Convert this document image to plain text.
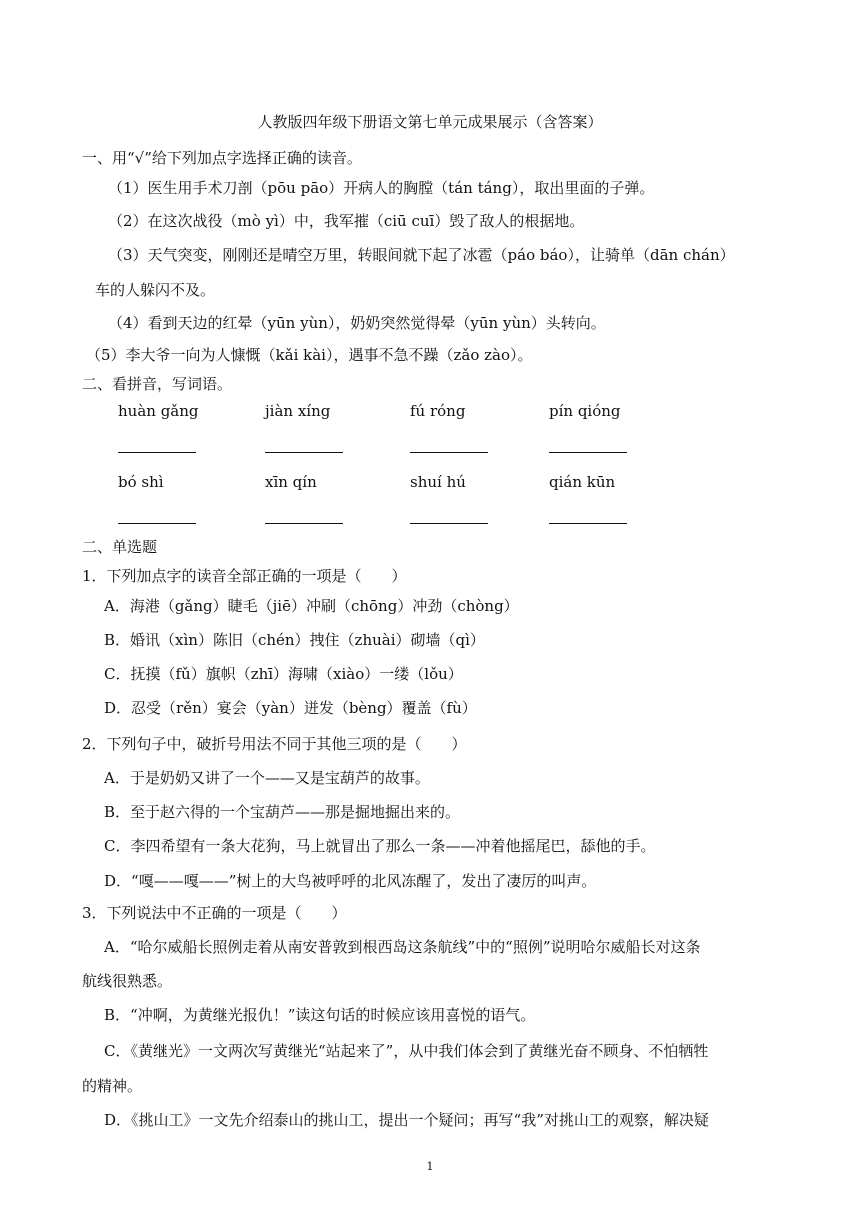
人教版四年级下册语文第七单元成果展示（含答案）
一、用“√”给下列加点字选择正确的读音。
（1）医生用手术刀剖（pōu pāo）开病人的胸膛（tán táng），取出里面的子弹。
（2）在这次战役（mò yì）中，我军摧（ciū cuī）毁了敌人的根据地。
（3）天气突变，刚刚还是晴空万里，转眼间就下起了冰雹（páo báo），让骑单（dān chán）
车的人躲闪不及。
（4）看到天边的红晕（yūn yùn），奶奶突然觉得晕（yūn yùn）头转向。
（5）李大爷一向为人慷慨（kǎi kài），遇事不急不躁（zǎo zào）。
二、看拼音，写词语。
huàn gǎng	jiàn xíng	fú róng	pín qióng
bó shì	xīn qín	shuí hú	qián kūn
二、单选题
1．下列加点字的读音全部正确的一项是（　　）
A．海港（gǎng）睫毛（jiē）冲刷（chōng）冲劲（chòng）
B．婚讯（xìn）陈旧（chén）拽住（zhuài）砌墙（qì）
C．抚摸（fǔ）旗帜（zhī）海啸（xiào）一缕（lǒu）
D．忍受（rěn）宴会（yàn）迸发（bèng）覆盖（fù）
2．下列句子中，破折号用法不同于其他三项的是（　　）
A．于是奶奶又讲了一个——又是宝葫芦的故事。
B．至于赵六得的一个宝葫芦——那是掘地掘出来的。
C．李四希望有一条大花狗，马上就冒出了那么一条——冲着他摇尾巴，舔他的手。
D．“嘎——嘎——”树上的大鸟被呼呼的北风冻醒了，发出了凄厉的叫声。
3．下列说法中不正确的一项是（　　）
A．“哈尔威船长照例走着从南安普敦到根西岛这条航线”中的“照例”说明哈尔威船长对这条
航线很熟悉。
B．“冲啊，为黄继光报仇！”读这句话的时候应该用喜悦的语气。
C．《黄继光》一文两次写黄继光“站起来了”，从中我们体会到了黄继光奋不顾身、不怕牺牲
的精神。
D．《挑山工》一文先介绍泰山的挑山工，提出一个疑问；再写“我”对挑山工的观察，解决疑
1
